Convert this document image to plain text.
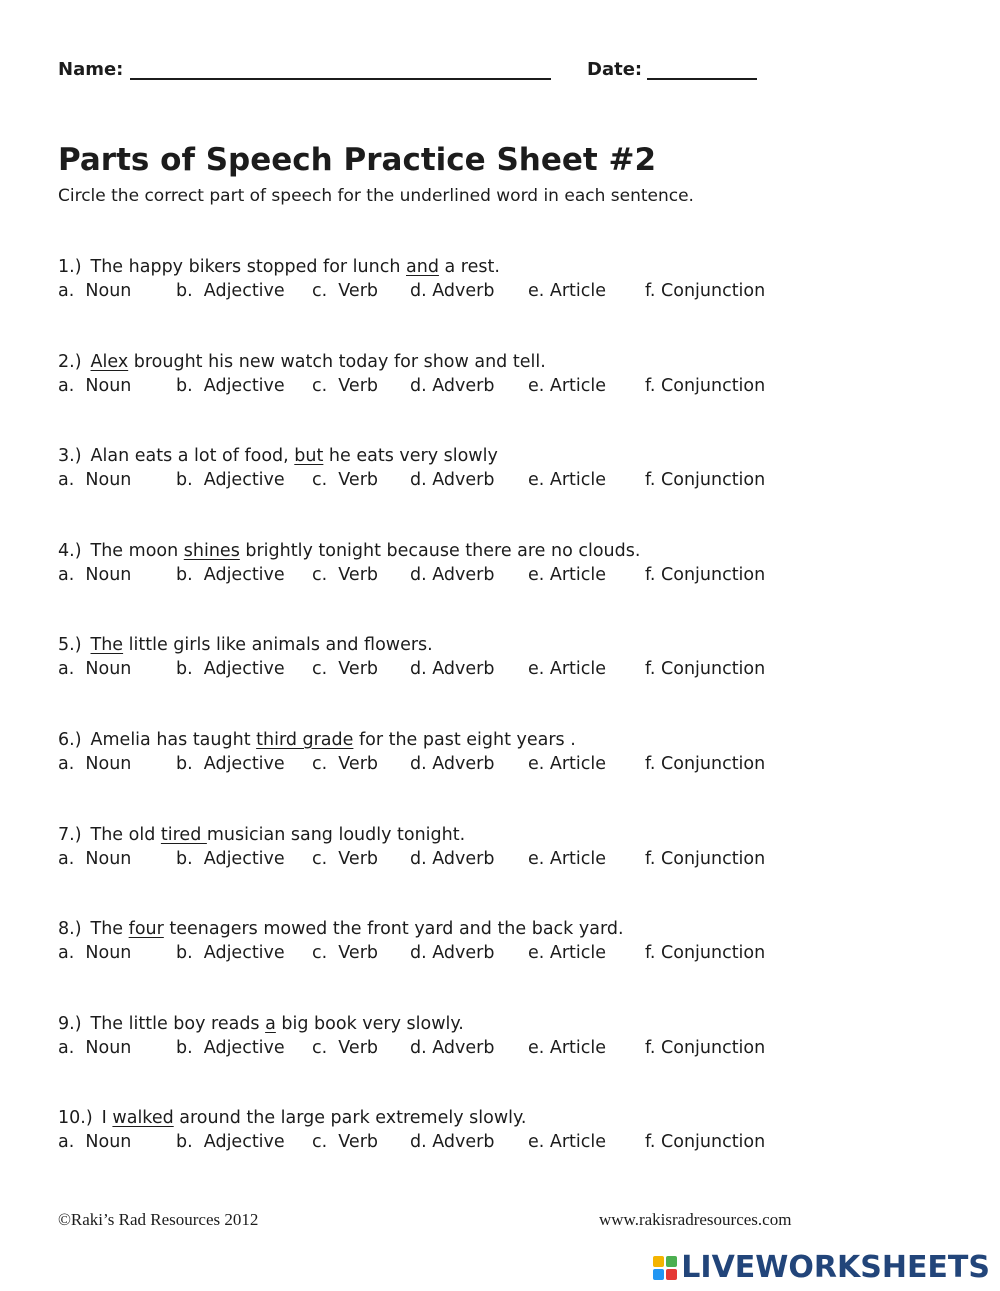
Name:	Date:
Parts of Speech Practice Sheet #2
Circle the correct part of speech for the underlined word in each sentence.
1.) The happy bikers stopped for lunch and a rest.
a.  Noun	b.  Adjective c.  Verb d. Adverb e. Article f. Conjunction
2.) Alex brought his new watch today for show and tell.
a.  Noun	b.  Adjective c.  Verb d. Adverb e. Article f. Conjunction
3.) Alan eats a lot of food, but he eats very slowly
a.  Noun	b.  Adjective c.  Verb d. Adverb e. Article f. Conjunction
4.) The moon shines brightly tonight because there are no clouds.
a.  Noun	b.  Adjective c.  Verb d. Adverb e. Article f. Conjunction
5.) The little girls like animals and flowers.
a.  Noun	b.  Adjective c.  Verb d. Adverb e. Article f. Conjunction
6.) Amelia has taught third grade for the past eight years .
a.  Noun	b.  Adjective c.  Verb d. Adverb e. Article f. Conjunction
7.) The old tired musician sang loudly tonight.
a.  Noun	b.  Adjective c.  Verb d. Adverb e. Article f. Conjunction
8.) The four teenagers mowed the front yard and the back yard.
a.  Noun	b.  Adjective c.  Verb d. Adverb e. Article f. Conjunction
9.) The little boy reads a big book very slowly.
a.  Noun	b.  Adjective c.  Verb d. Adverb e. Article f. Conjunction
10.) I walked around the large park extremely slowly.
a.  Noun	b.  Adjective c.  Verb d. Adverb e. Article f. Conjunction
©Raki’s Rad Resources 2012	www.rakisradresources.com
LIVEWORKSHEETS
